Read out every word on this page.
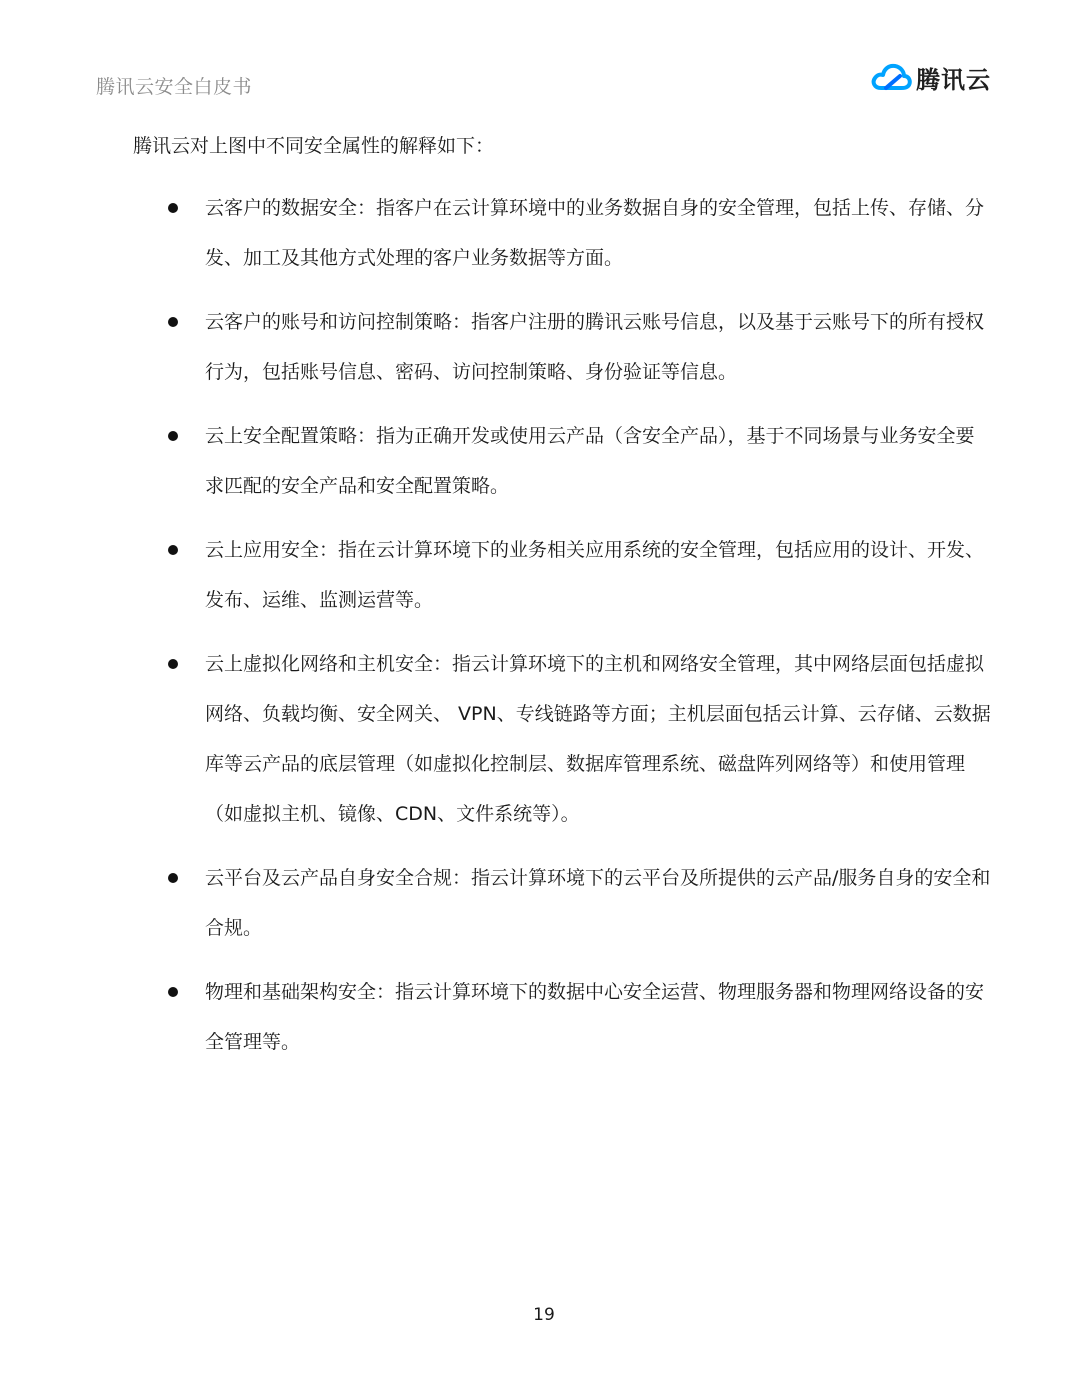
腾讯云安全白皮书	腾讯云

腾讯云对上图中不同安全属性的解释如下：

云客户的数据安全：指客户在云计算环境中的业务数据自身的安全管理，包括上传、存储、分发、加工及其他方式处理的客户业务数据等方面。
云客户的账号和访问控制策略：指客户注册的腾讯云账号信息，以及基于云账号下的所有授权行为，包括账号信息、密码、访问控制策略、身份验证等信息。
云上安全配置策略：指为正确开发或使用云产品（含安全产品），基于不同场景与业务安全要求匹配的安全产品和安全配置策略。
云上应用安全：指在云计算环境下的业务相关应用系统的安全管理，包括应用的设计、开发、发布、运维、监测运营等。
云上虚拟化网络和主机安全：指云计算环境下的主机和网络安全管理，其中网络层面包括虚拟网络、负载均衡、安全网关、 VPN、专线链路等方面；主机层面包括云计算、云存储、云数据库等云产品的底层管理（如虚拟化控制层、数据库管理系统、磁盘阵列网络等）和使用管理（如虚拟主机、镜像、CDN、文件系统等）。
云平台及云产品自身安全合规：指云计算环境下的云平台及所提供的云产品/服务自身的安全和合规。
物理和基础架构安全：指云计算环境下的数据中心安全运营、物理服务器和物理网络设备的安全管理等。
19
